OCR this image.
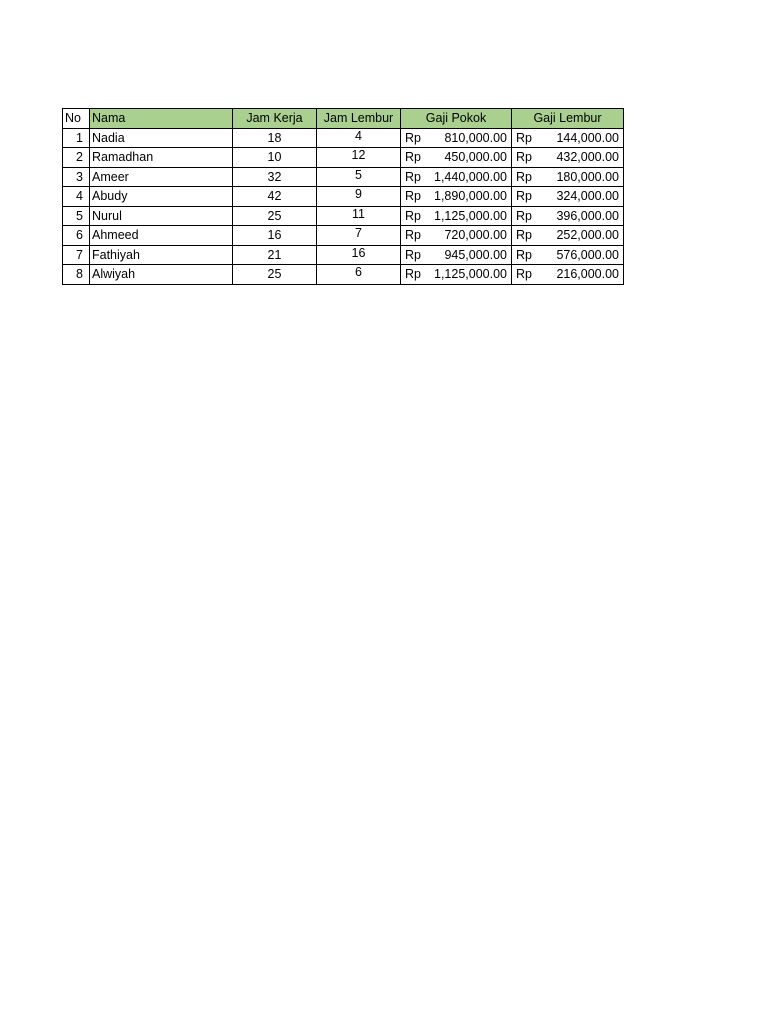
No	Nama	Jam Kerja	Jam Lembur	Gaji Pokok	Gaji Lembur
1	Nadia	18	4	Rp 810,000.00	Rp 144,000.00

2	Ramadhan	10	12	Rp 450,000.00	Rp 432,000.00

3	Ameer	32	5	Rp 1,440,000.00	Rp 180,000.00

4	Abudy	42	9	Rp 1,890,000.00	Rp 324,000.00

5	Nurul	25	11	Rp 1,125,000.00	Rp 396,000.00

6	Ahmeed	16	7	Rp 720,000.00	Rp 252,000.00

7	Fathiyah	21	16	Rp 945,000.00	Rp 576,000.00

8	Alwiyah	25	6	Rp 1,125,000.00	Rp 216,000.00
